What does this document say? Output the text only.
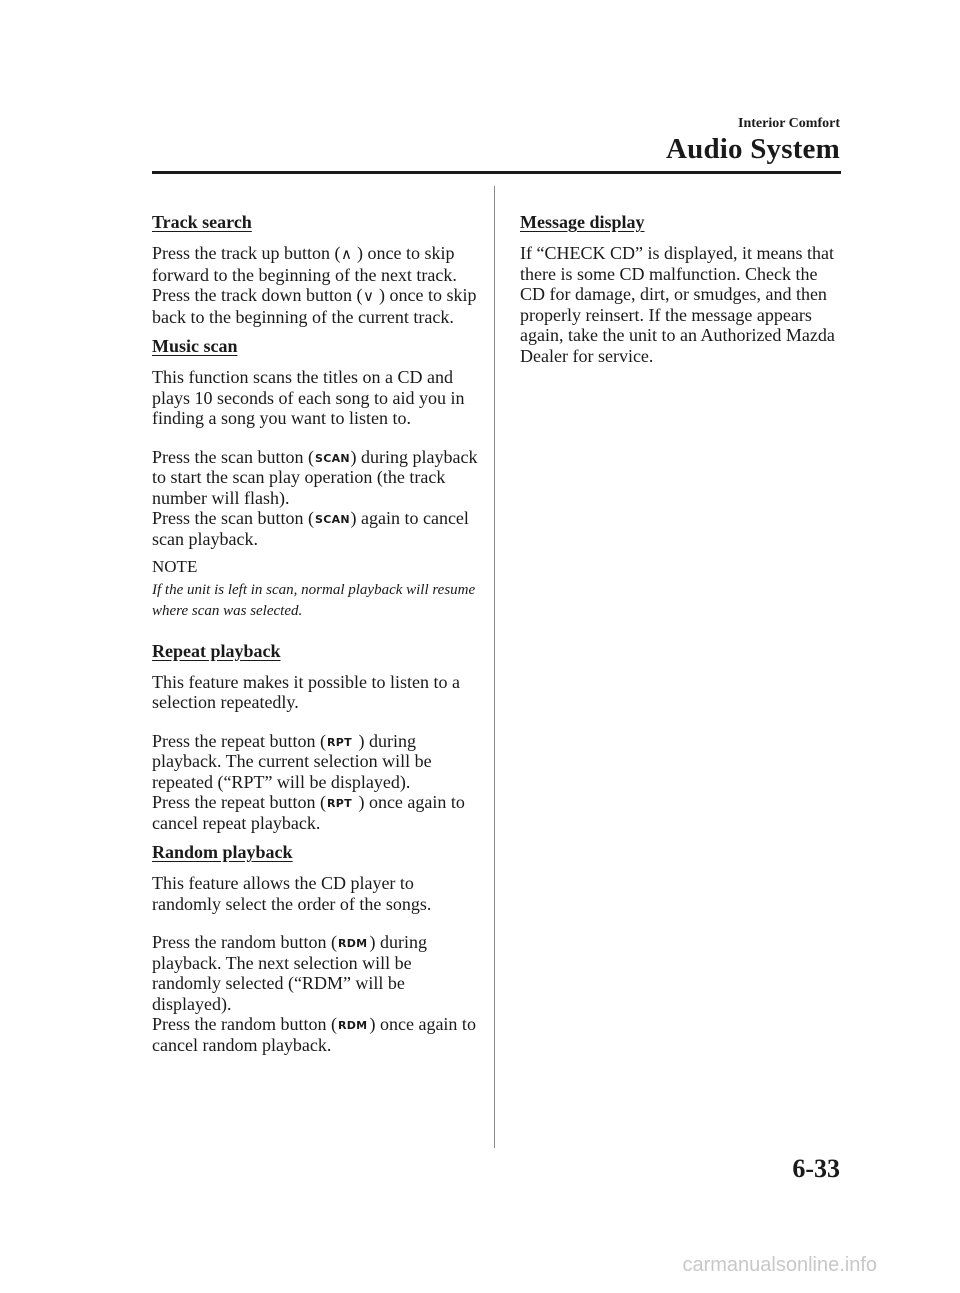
Interior Comfort
Audio System
Track search

Press the track up button (∧ ) once to skip forward to the beginning of the next track.
Press the track down button (∨ ) once to skip back to the beginning of the current track.

Music scan

This function scans the titles on a CD and plays 10 seconds of each song to aid you in finding a song you want to listen to.

Press the scan button (SCAN ) during playback to start the scan play operation (the track number will flash).
Press the scan button (SCAN ) again to cancel scan playback.

NOTE
If the unit is left in scan, normal playback will resume where scan was selected.
Repeat playback

This feature makes it possible to listen to a selection repeatedly.

Press the repeat button (RPT ) during playback. The current selection will be repeated (“RPT” will be displayed).
Press the repeat button (RPT ) once again to cancel repeat playback.

Random playback

This feature allows the CD player to randomly select the order of the songs.

Press the random button (RDM ) during playback. The next selection will be randomly selected (“RDM” will be displayed).
Press the random button (RDM ) once again to cancel random playback.

Message display

If “CHECK CD” is displayed, it means that there is some CD malfunction. Check the CD for damage, dirt, or smudges, and then properly reinsert. If the message appears again, take the unit to an Authorized Mazda Dealer for service.

6-33
carmanualsonline.info
